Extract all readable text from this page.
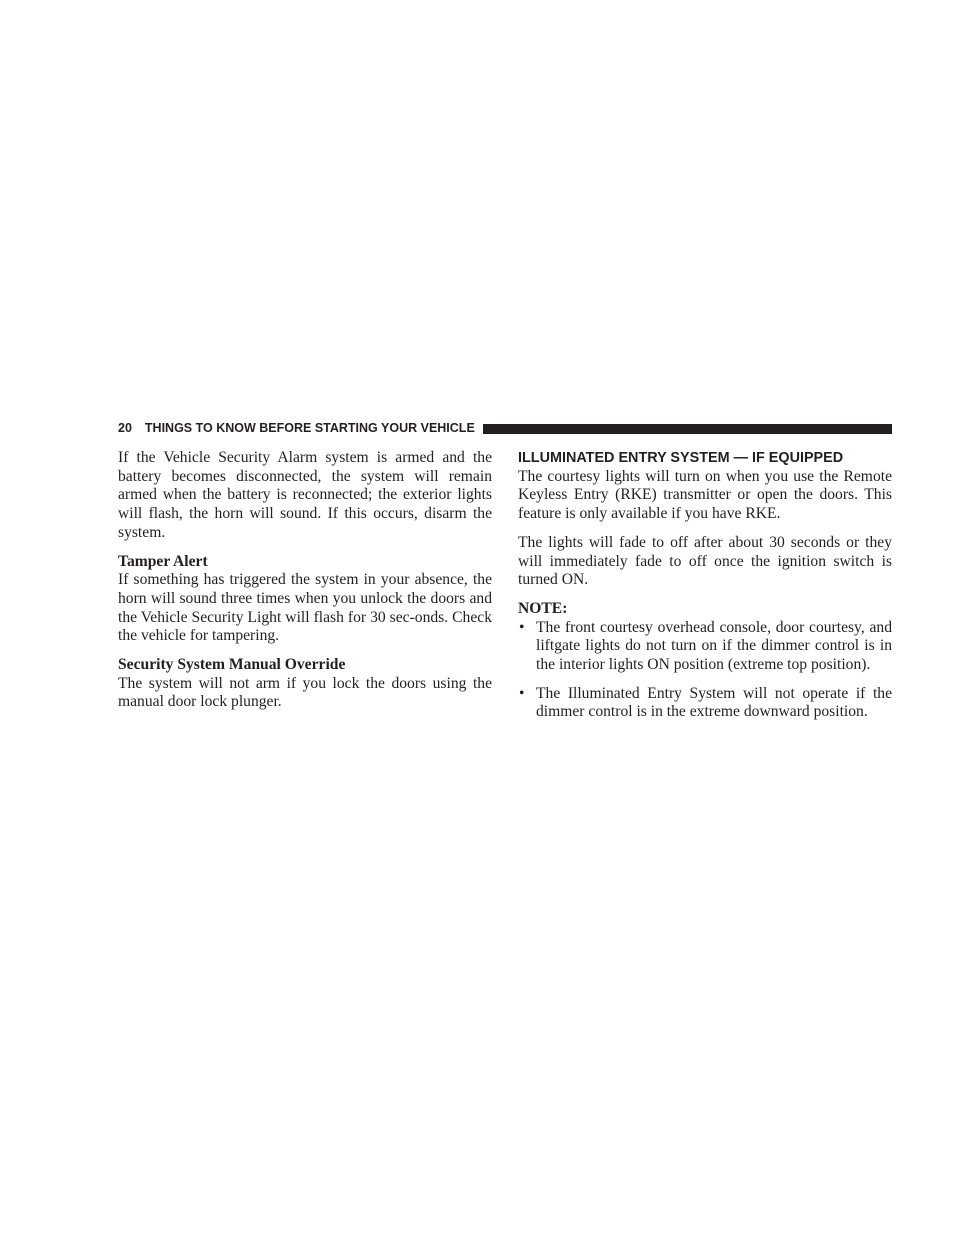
20 THINGS TO KNOW BEFORE STARTING YOUR VEHICLE

If the Vehicle Security Alarm system is armed and the battery becomes disconnected, the system will remain armed when the battery is reconnected; the exterior lights will flash, the horn will sound. If this occurs, disarm the system.

Tamper Alert

If something has triggered the system in your absence, the horn will sound three times when you unlock the doors and the Vehicle Security Light will flash for 30 sec-onds. Check the vehicle for tampering.

Security System Manual Override

The system will not arm if you lock the doors using the manual door lock plunger.

ILLUMINATED ENTRY SYSTEM — IF EQUIPPED

The courtesy lights will turn on when you use the Remote Keyless Entry (RKE) transmitter or open the doors. This feature is only available if you have RKE.

The lights will fade to off after about 30 seconds or they will immediately fade to off once the ignition switch is turned ON.

NOTE:
• The front courtesy overhead console, door courtesy, and liftgate lights do not turn on if the dimmer control is in the interior lights ON position (extreme top position).
• The Illuminated Entry System will not operate if the dimmer control is in the extreme downward position.
